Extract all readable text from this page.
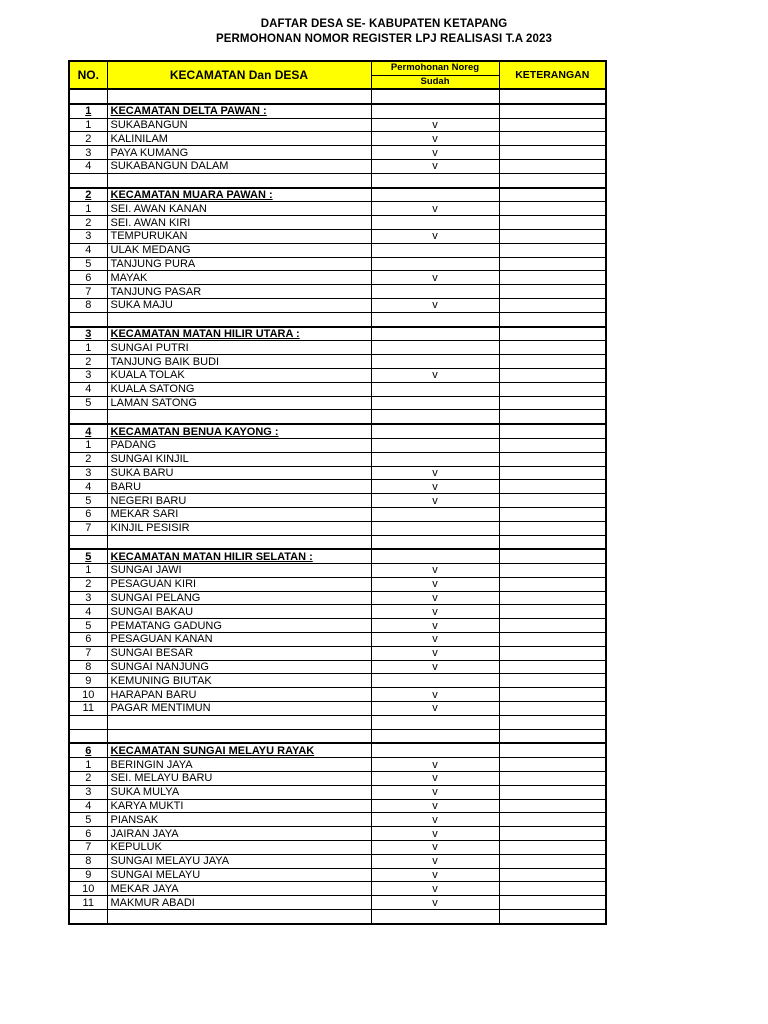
DAFTAR DESA SE- KABUPATEN KETAPANG
PERMOHONAN NOMOR REGISTER LPJ REALISASI T.A 2023
NO.	KECAMATAN Dan DESA	Permohonan Noreg	KETERANGAN
		Sudah	

1	KECAMATAN DELTA PAWAN :		
1	SUKABANGUN	v	
2	KALINILAM	v	
3	PAYA KUMANG	v	
4	SUKABANGUN DALAM	v	

2	KECAMATAN MUARA PAWAN :		
1	SEI. AWAN KANAN	v	
2	SEI. AWAN KIRI		
3	TEMPURUKAN	v	
4	ULAK MEDANG		
5	TANJUNG PURA		
6	MAYAK	v	
7	TANJUNG PASAR		
8	SUKA MAJU	v	

3	KECAMATAN MATAN HILIR UTARA :		
1	SUNGAI PUTRI		
2	TANJUNG BAIK BUDI		
3	KUALA TOLAK	v	
4	KUALA SATONG		
5	LAMAN SATONG		

4	KECAMATAN BENUA KAYONG :		
1	PADANG		
2	SUNGAI KINJIL		
3	SUKA BARU	v	
4	BARU	v	
5	NEGERI BARU	v	
6	MEKAR SARI		
7	KINJIL PESISIR		

5	KECAMATAN MATAN HILIR SELATAN :		
1	SUNGAI JAWI	v	
2	PESAGUAN KIRI	v	
3	SUNGAI PELANG	v	
4	SUNGAI BAKAU	v	
5	PEMATANG GADUNG	v	
6	PESAGUAN KANAN	v	
7	SUNGAI BESAR	v	
8	SUNGAI NANJUNG	v	
9	KEMUNING BIUTAK		
10	HARAPAN BARU	v	
11	PAGAR MENTIMUN	v	

6	KECAMATAN SUNGAI MELAYU RAYAK		
1	BERINGIN JAYA	v	
2	SEI. MELAYU BARU	v	
3	SUKA MULYA	v	
4	KARYA MUKTI	v	
5	PIANSAK	v	
6	JAIRAN JAYA	v	
7	KEPULUK	v	
8	SUNGAI MELAYU JAYA	v	
9	SUNGAI MELAYU	v	
10	MEKAR JAYA	v	
11	MAKMUR ABADI	v	
